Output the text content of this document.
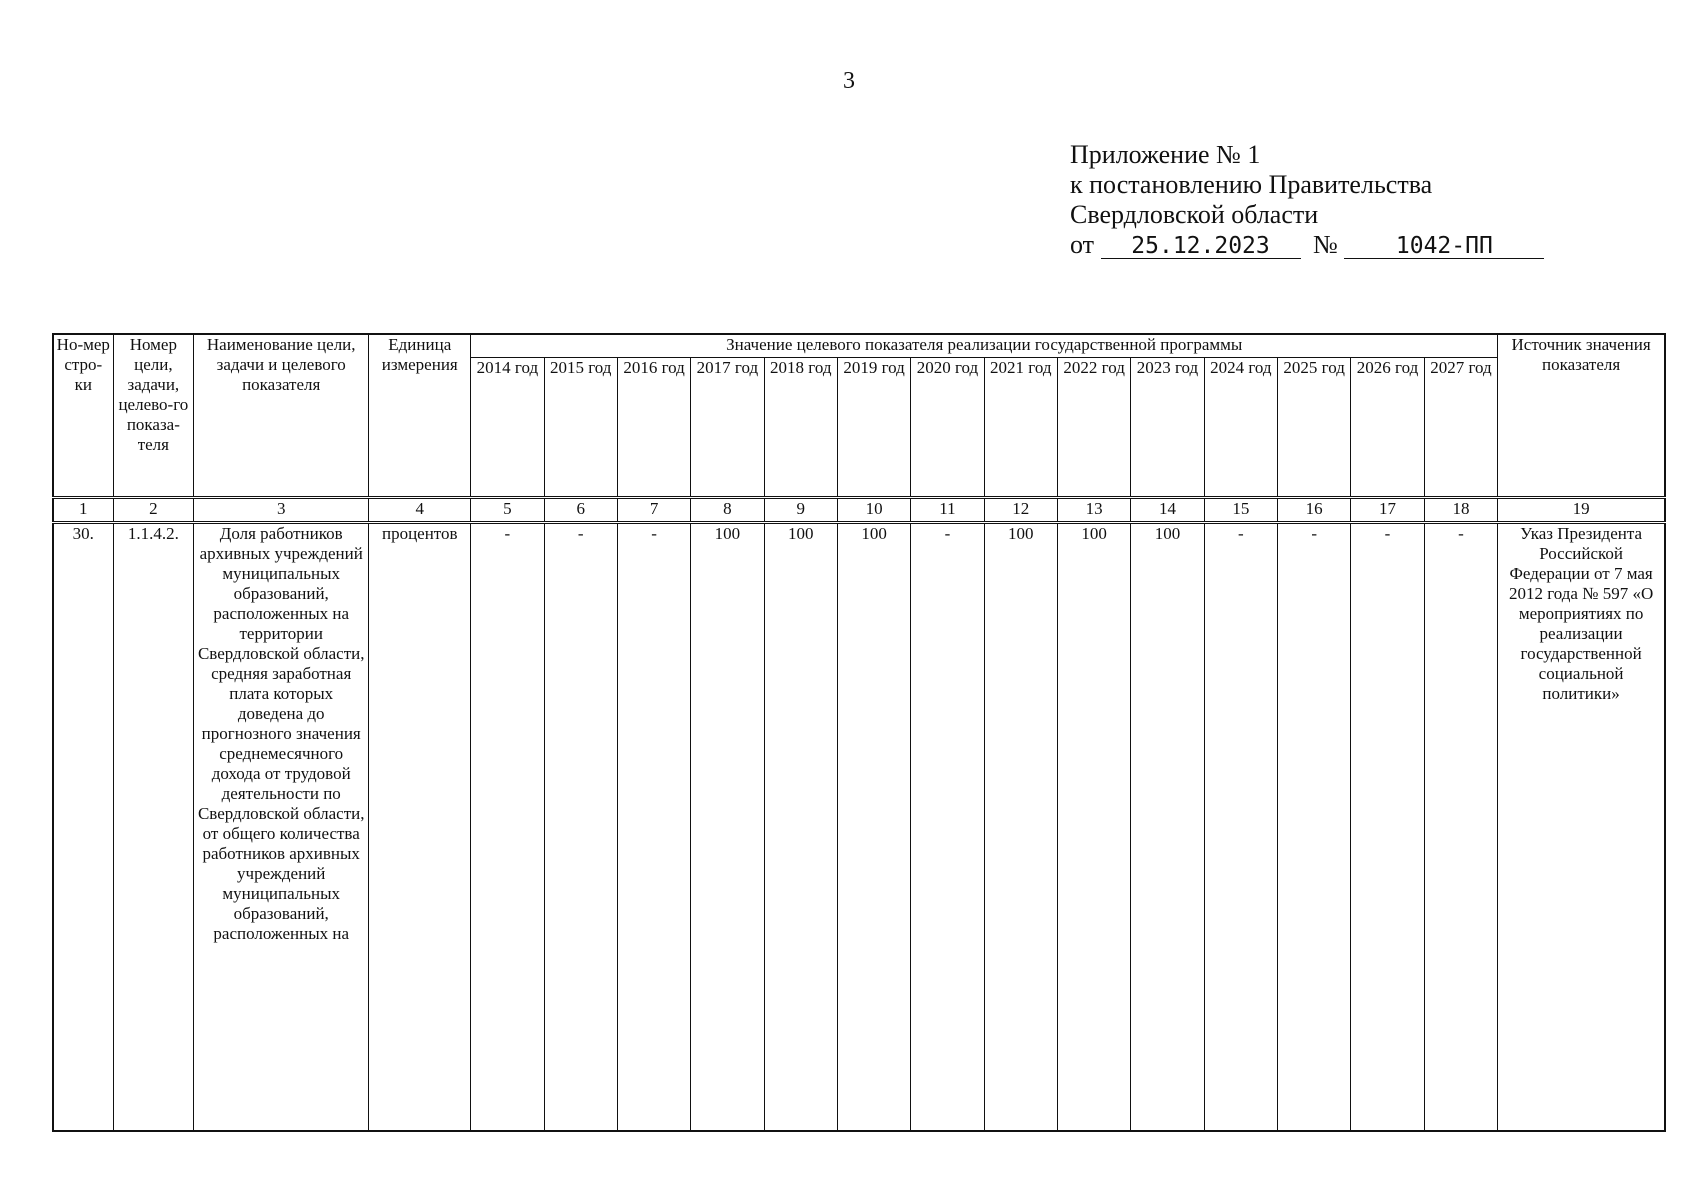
3
Приложение № 1
к постановлению Правительства
Свердловской области
от 25.12.2023 №	1042-ПП
Но-мер стро-ки	Номер цели, задачи, целево-го показа-теля	Наименование цели, задачи и целевого показателя	Единица измерения	Значение целевого показателя реализации государственной программы														Источник значения показателя
				2014 год	2015 год	2016 год	2017 год	2018 год	2019 год	2020 год	2021 год	2022 год	2023 год	2024 год	2025 год	2026 год	2027 год	
1	2	3	4	5	6	7	8	9	10	11	12	13	14	15	16	17	18	19
30.	1.1.4.2.	Доля работников архивных учреждений муниципальных образований, расположенных на территории Свердловской области, средняя заработная плата которых доведена до прогнозного значения среднемесячного дохода от трудовой деятельности по Свердловской области, от общего количества работников архивных учреждений муниципальных образований, расположенных на	процентов	-	-	-	100	100	100	-	100	100	100	-	-	-	-	Указ Президента Российской Федерации от 7 мая 2012 года № 597 «О мероприятиях по реализации государственной социальной политики»
